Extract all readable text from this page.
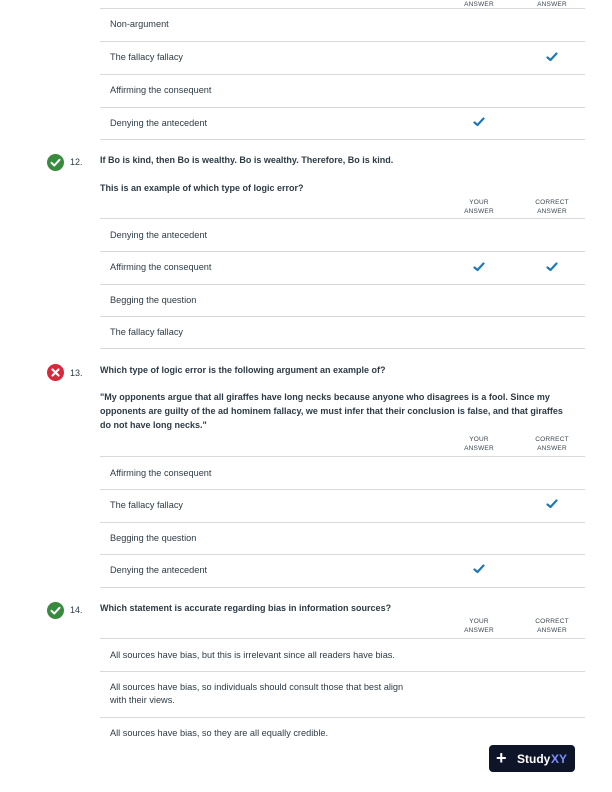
ANSWER	ANSWER
Non-argument
The fallacy fallacy
Affirming the consequent
Denying the antecedent
12. If Bo is kind, then Bo is wealthy. Bo is wealthy. Therefore, Bo is kind.
This is an example of which type of logic error?
YOUR
ANSWER
CORRECT
ANSWER
Denying the antecedent
Affirming the consequent
Begging the question
The fallacy fallacy
13. Which type of logic error is the following argument an example of?
"My opponents argue that all giraffes have long necks because anyone who disagrees is a fool. Since my
opponents are guilty of the ad hominem fallacy, we must infer that their conclusion is false, and that giraffes
do not have long necks."
YOUR
ANSWER
CORRECT
ANSWER
Affirming the consequent
The fallacy fallacy
Begging the question
Denying the antecedent
14. Which statement is accurate regarding bias in information sources?
YOUR
ANSWER
CORRECT
ANSWER
All sources have bias, but this is irrelevant since all readers have bias.
All sources have bias, so individuals should consult those that best align
with their views.
All sources have bias, so they are all equally credible.
+ Study XY
